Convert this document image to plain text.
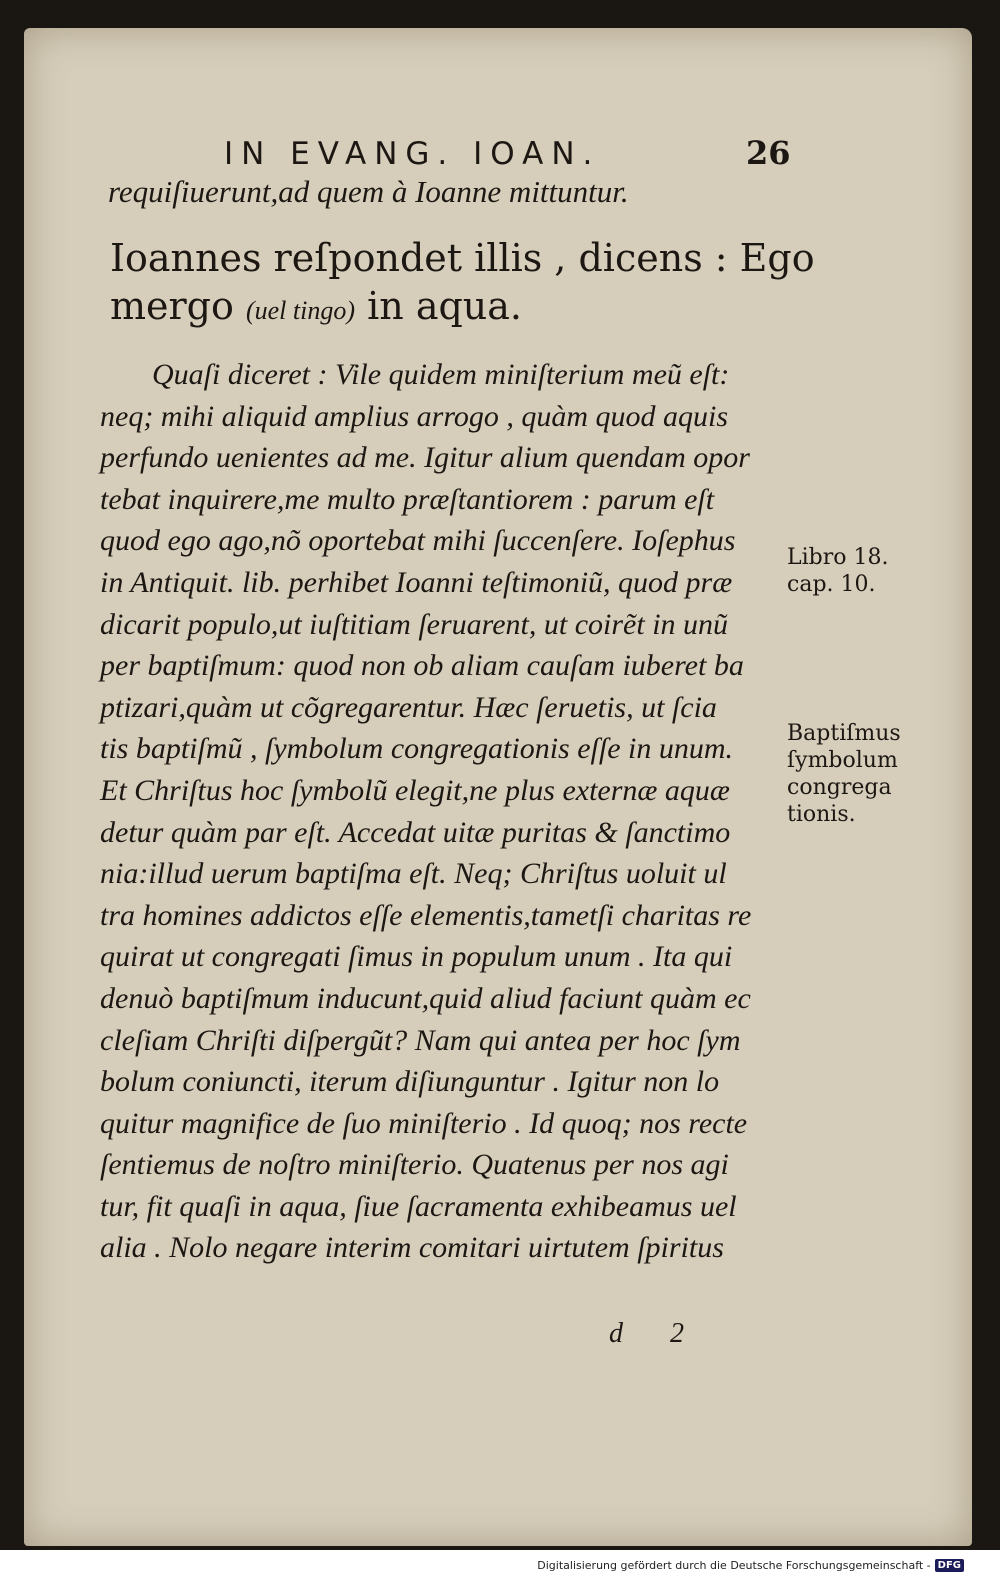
IN EVANG. IOAN.	26
requiſiuerunt,ad quem à Ioanne mittuntur.
Ioannes reſpondet illis , dicens : Ego
mergo (uel tingo) in aqua.
Quaſi diceret : Vile quidem miniſterium meũ eſt:
neq; mihi aliquid amplius arrogo , quàm quod aquis
perfundo uenientes ad me. Igitur alium quendam opor
tebat inquirere,me multo præſtantiorem : parum eſt
quod ego ago,nõ oportebat mihi ſuccenſere. Ioſephus
in Antiquit. lib. perhibet Ioanni teſtimoniũ, quod præ
dicarit populo,ut iuſtitiam ſeruarent, ut coirẽt in unũ
per baptiſmum: quod non ob aliam cauſam iuberet ba
ptizari,quàm ut cõgregarentur. Hæc ſeruetis, ut ſcia
tis baptiſmũ , ſymbolum congregationis eſſe in unum.
Et Chriſtus hoc ſymbolũ elegit,ne plus externæ aquæ
detur quàm par eſt. Accedat uitæ puritas & ſanctimo
nia:illud uerum baptiſma eſt. Neq; Chriſtus uoluit ul
tra homines addictos eſſe elementis,tametſi charitas re
quirat ut congregati ſimus in populum unum . Ita qui
denuò baptiſmum inducunt,quid aliud faciunt quàm ec
cleſiam Chriſti diſpergũt? Nam qui antea per hoc ſym
bolum coniuncti, iterum diſiunguntur . Igitur non lo
quitur magnifice de ſuo miniſterio . Id quoq; nos recte
ſentiemus de noſtro miniſterio. Quatenus per nos agi
tur, fit quaſi in aqua, ſiue ſacramenta exhibeamus uel
alia . Nolo negare interim comitari uirtutem ſpiritus
Libro 18.
cap. 10.
Baptiſmus
ſymbolum
congrega
tionis.
d 2
Digitalisierung gefördert durch die Deutsche Forschungsgemeinschaft - DFG
